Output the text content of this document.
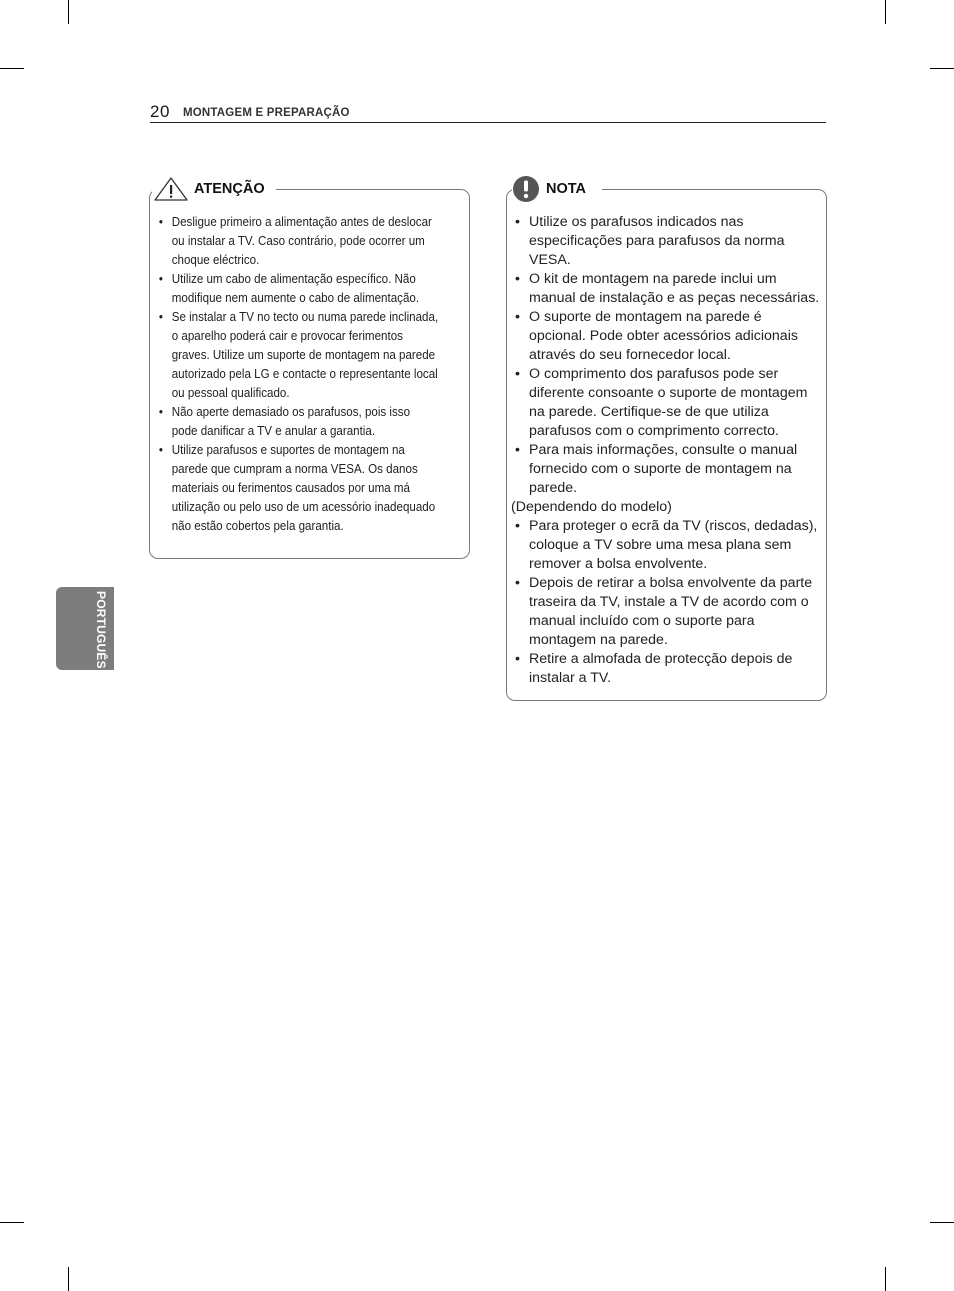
20 MONTAGEM E PREPARAÇÃO
PORTUGUÊS
ATENÇÃO
• Desligue primeiro a alimentação antes de deslocar ou instalar a TV. Caso contrário, pode ocorrer um choque eléctrico.
• Utilize um cabo de alimentação específico. Não modifique nem aumente o cabo de alimentação.
• Se instalar a TV no tecto ou numa parede inclinada, o aparelho poderá cair e provocar ferimentos graves. Utilize um suporte de montagem na parede autorizado pela LG e contacte o representante local ou pessoal qualificado.
• Não aperte demasiado os parafusos, pois isso pode danificar a TV e anular a garantia.
• Utilize parafusos e suportes de montagem na parede que cumpram a norma VESA. Os danos materiais ou ferimentos causados por uma má utilização ou pelo uso de um acessório inadequado não estão cobertos pela garantia.
NOTA
• Utilize os parafusos indicados nas especificações para parafusos da norma VESA.
• O kit de montagem na parede inclui um manual de instalação e as peças necessárias.
• O suporte de montagem na parede é opcional. Pode obter acessórios adicionais através do seu fornecedor local.
• O comprimento dos parafusos pode ser diferente consoante o suporte de montagem na parede. Certifique-se de que utiliza parafusos com o comprimento correcto.
• Para mais informações, consulte o manual fornecido com o suporte de montagem na parede.
(Dependendo do modelo)
• Para proteger o ecrã da TV (riscos, dedadas), coloque a TV sobre uma mesa plana sem remover a bolsa envolvente.
• Depois de retirar a bolsa envolvente da parte traseira da TV, instale a TV de acordo com o manual incluído com o suporte para montagem na parede.
• Retire a almofada de protecção depois de instalar a TV.
